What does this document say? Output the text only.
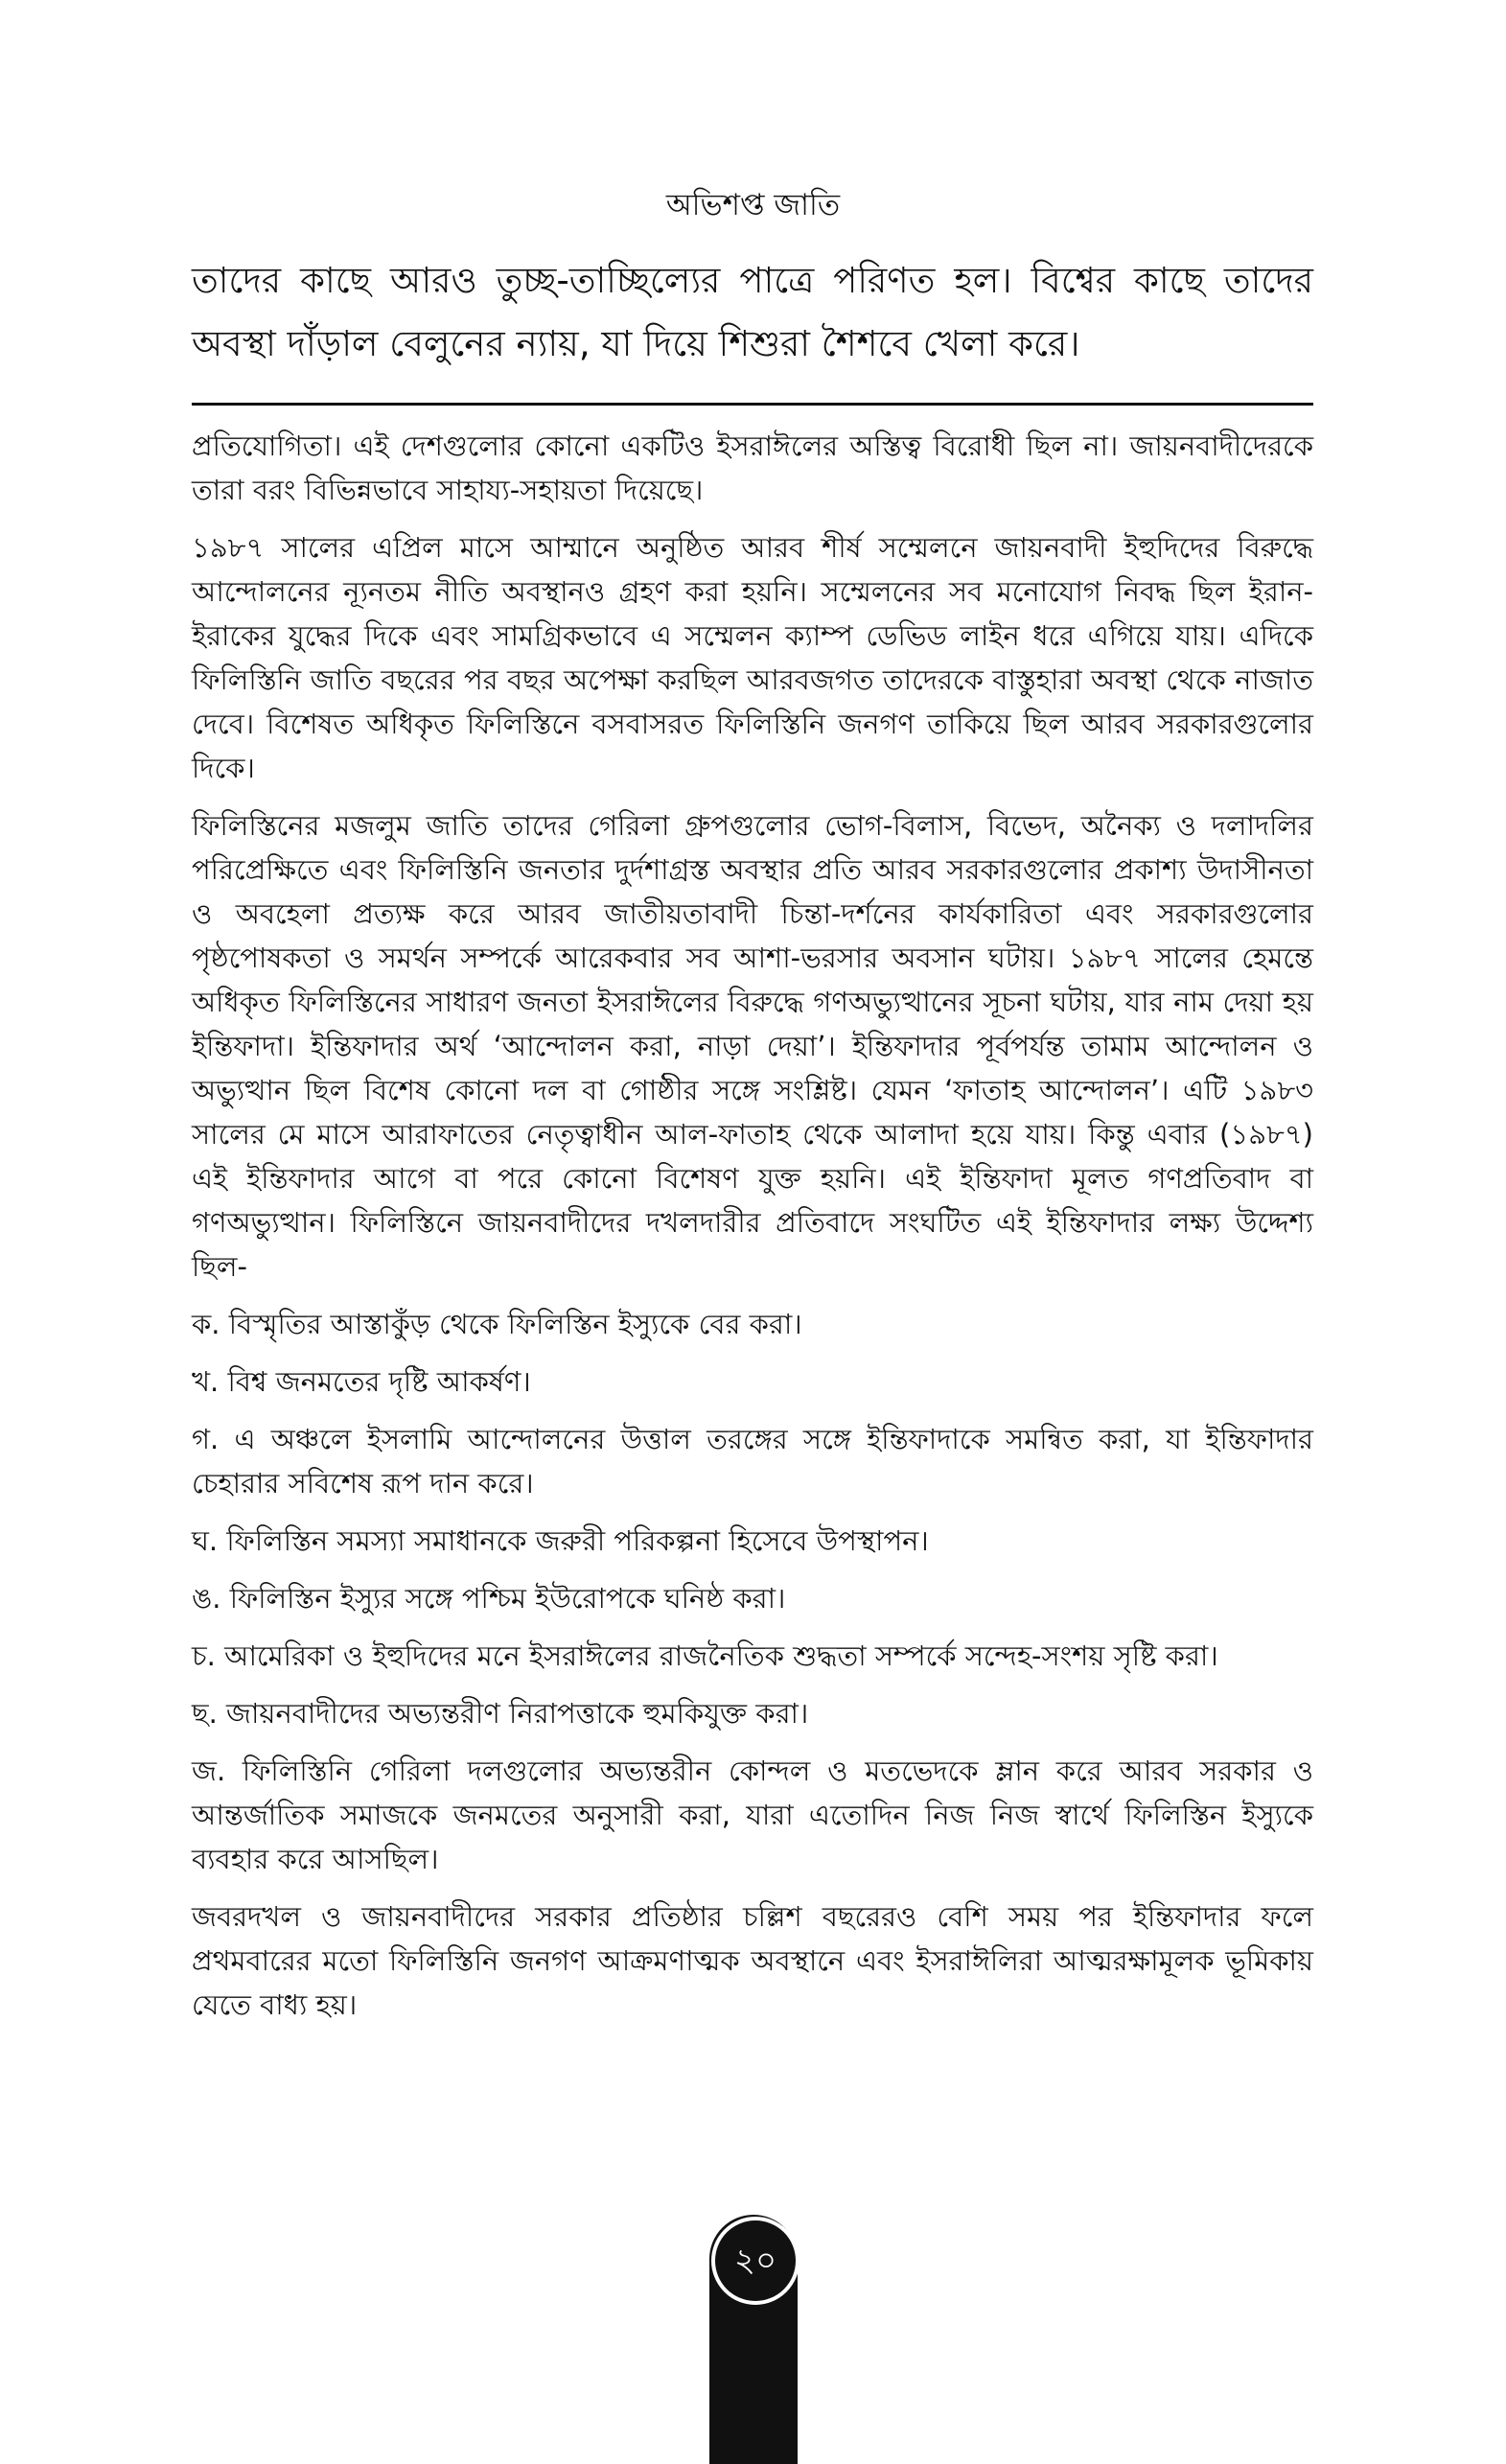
অভিশপ্ত জাতি
তাদের কাছে আরও তুচ্ছ-তাচ্ছিল্যের পাত্রে পরিণত হল। বিশ্বের কাছে তাদের অবস্থা দাঁড়াল বেলুনের ন্যায়, যা দিয়ে শিশুরা শৈশবে খেলা করে।

প্রতিযোগিতা। এই দেশগুলোর কোনো একটিও ইসরাঈলের অস্তিত্ব বিরোধী ছিল না। জায়নবাদীদেরকে তারা বরং বিভিন্নভাবে সাহায্য-সহায়তা দিয়েছে।

১৯৮৭ সালের এপ্রিল মাসে আম্মানে অনুষ্ঠিত আরব শীর্ষ সম্মেলনে জায়নবাদী ইহুদিদের বিরুদ্ধে আন্দোলনের ন্যূনতম নীতি অবস্থানও গ্রহণ করা হয়নি। সম্মেলনের সব মনোযোগ নিবদ্ধ ছিল ইরান-ইরাকের যুদ্ধের দিকে এবং সামগ্রিকভাবে এ সম্মেলন ক্যাম্প ডেভিড লাইন ধরে এগিয়ে যায়। এদিকে ফিলিস্তিনি জাতি বছরের পর বছর অপেক্ষা করছিল আরবজগত তাদেরকে বাস্তুহারা অবস্থা থেকে নাজাত দেবে। বিশেষত অধিকৃত ফিলিস্তিনে বসবাসরত ফিলিস্তিনি জনগণ তাকিয়ে ছিল আরব সরকারগুলোর দিকে।

ফিলিস্তিনের মজলুম জাতি তাদের গেরিলা গ্রুপগুলোর ভোগ-বিলাস, বিভেদ, অনৈক্য ও দলাদলির পরিপ্রেক্ষিতে এবং ফিলিস্তিনি জনতার দুর্দশাগ্রস্ত অবস্থার প্রতি আরব সরকারগুলোর প্রকাশ্য উদাসীনতা ও অবহেলা প্রত্যক্ষ করে আরব জাতীয়তাবাদী চিন্তা-দর্শনের কার্যকারিতা এবং সরকারগুলোর পৃষ্ঠপোষকতা ও সমর্থন সম্পর্কে আরেকবার সব আশা-ভরসার অবসান ঘটায়। ১৯৮৭ সালের হেমন্তে অধিকৃত ফিলিস্তিনের সাধারণ জনতা ইসরাঈলের বিরুদ্ধে গণঅভ্যুত্থানের সূচনা ঘটায়, যার নাম দেয়া হয় ইন্তিফাদা। ইন্তিফাদার অর্থ ‘আন্দোলন করা, নাড়া দেয়া’। ইন্তিফাদার পূর্বপর্যন্ত তামাম আন্দোলন ও অভ্যুত্থান ছিল বিশেষ কোনো দল বা গোষ্ঠীর সঙ্গে সংশ্লিষ্ট। যেমন ‘ফাতাহ আন্দোলন’। এটি ১৯৮৩ সালের মে মাসে আরাফাতের নেতৃত্বাধীন আল-ফাতাহ থেকে আলাদা হয়ে যায়। কিন্তু এবার (১৯৮৭) এই ইন্তিফাদার আগে বা পরে কোনো বিশেষণ যুক্ত হয়নি। এই ইন্তিফাদা মূলত গণপ্রতিবাদ বা গণঅভ্যুত্থান। ফিলিস্তিনে জায়নবাদীদের দখলদারীর প্রতিবাদে সংঘটিত এই ইন্তিফাদার লক্ষ্য উদ্দেশ্য ছিল-

ক. বিস্মৃতির আস্তাকুঁড় থেকে ফিলিস্তিন ইস্যুকে বের করা।

খ. বিশ্ব জনমতের দৃষ্টি আকর্ষণ।

গ. এ অঞ্চলে ইসলামি আন্দোলনের উত্তাল তরঙ্গের সঙ্গে ইন্তিফাদাকে সমন্বিত করা, যা ইন্তিফাদার চেহারার সবিশেষ রূপ দান করে।

ঘ. ফিলিস্তিন সমস্যা সমাধানকে জরুরী পরিকল্পনা হিসেবে উপস্থাপন।

ঙ. ফিলিস্তিন ইস্যুর সঙ্গে পশ্চিম ইউরোপকে ঘনিষ্ঠ করা।

চ. আমেরিকা ও ইহুদিদের মনে ইসরাঈলের রাজনৈতিক শুদ্ধতা সম্পর্কে সন্দেহ-সংশয় সৃষ্টি করা।

ছ. জায়নবাদীদের অভ্যন্তরীণ নিরাপত্তাকে হুমকিযুক্ত করা।

জ. ফিলিস্তিনি গেরিলা দলগুলোর অভ্যন্তরীন কোন্দল ও মতভেদকে ম্লান করে আরব সরকার ও আন্তর্জাতিক সমাজকে জনমতের অনুসারী করা, যারা এতোদিন নিজ নিজ স্বার্থে ফিলিস্তিন ইস্যুকে ব্যবহার করে আসছিল।

জবরদখল ও জায়নবাদীদের সরকার প্রতিষ্ঠার চল্লিশ বছরেরও বেশি সময় পর ইন্তিফাদার ফলে প্রথমবারের মতো ফিলিস্তিনি জনগণ আক্রমণাত্মক অবস্থানে এবং ইসরাঈলিরা আত্মরক্ষামূলক ভূমিকায় যেতে বাধ্য হয়।

২০
